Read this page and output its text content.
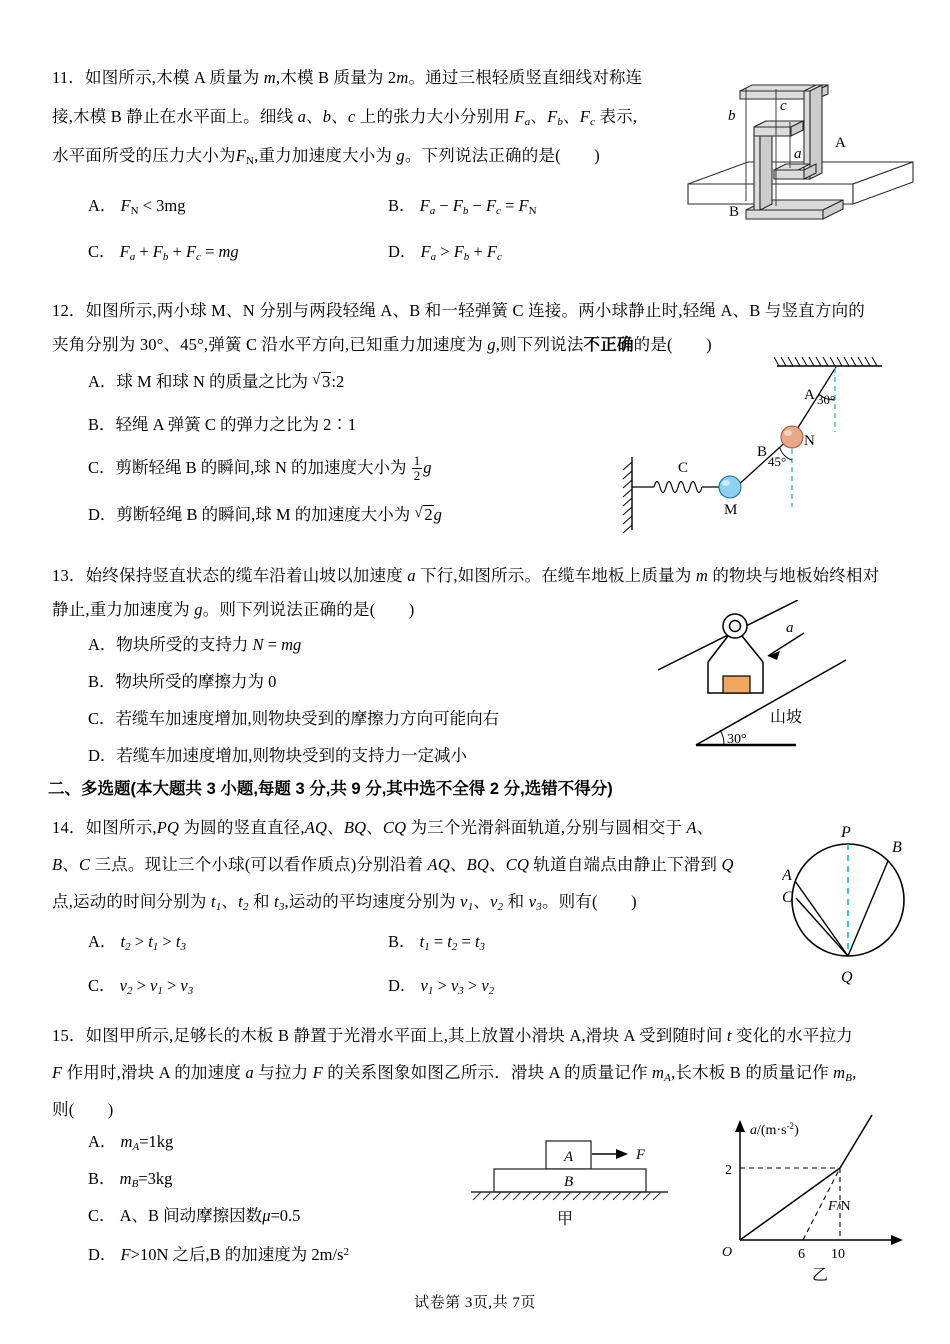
11．如图所示,木模 A 质量为 m,木模 B 质量为 2m。通过三根轻质竖直细线对称连
接,木模 B 静止在水平面上。细线 a、b、c 上的张力大小分别用 $F_a$、$F_b$、$F_c$ 表示,
水平面所受的压力大小为FN,重力加速度大小为 g。下列说法正确的是(　　)
A． FN < 3mg	B． $F_a - F_b - F_c$ = FN
C． $F_a + F_b + F_c$ = mg	D． $F_a > F_b + F_c$
b
c
a
A
B
12．如图所示,两小球 M、N 分别与两段轻绳 A、B 和一轻弹簧 C 连接。两小球静止时,轻绳 A、B 与竖直方向的
夹角分别为 30°、45°,弹簧 C 沿水平方向,已知重力加速度为 g,则下列说法不正确的是(　　)
A．球 M 和球 N 的质量之比为 √ 3:2
B．轻绳 A 弹簧 C 的弹力之比为 2∶1
C．剪断轻绳 B 的瞬间,球 N 的加速度大小为 $\frac{1}{2}$ g
D．剪断轻绳 B 的瞬间,球 M 的加速度大小为 √ 2g
C
M
N
B
A 30°
45°
13．始终保持竖直状态的缆车沿着山坡以加速度 a 下行,如图所示。在缆车地板上质量为 m 的物块与地板始终相对
静止,重力加速度为 g。则下列说法正确的是(　　)
A．物块所受的支持力 N = mg
B．物块所受的摩擦力为 0
C．若缆车加速度增加,则物块受到的摩擦力方向可能向右
D．若缆车加速度增加,则物块受到的支持力一定减小
a
山坡
30°
二、多选题(本大题共 3 小题,每题 3 分,共 9 分,其中选不全得 2 分,选错不得分)
14．如图所示,PQ 为圆的竖直直径,AQ、BQ、CQ 为三个光滑斜面轨道,分别与圆相交于 A、
B、C 三点。现让三个小球(可以看作质点)分别沿着 AQ、BQ、CQ 轨道自端点由静止下滑到 Q
点,运动的时间分别为 $t_1$、$t_2$ 和 $t_3$,运动的平均速度分别为 $v_1$、$v_2$ 和 $v_3$。则有(　　)
A． $t_2 > t_1 > t_3$	B． $t_1 = t_2 = t_3$
C． $v_2 > v_1 > v_3$	D． $v_1 > v_3 > v_2$
P
B
A
C
Q
15．如图甲所示,足够长的木板 B 静置于光滑水平面上,其上放置小滑块 A,滑块 A 受到随时间 t 变化的水平拉力
F 作用时,滑块 A 的加速度 a 与拉力 F 的关系图象如图乙所示．滑块 A 的质量记作 $m_A$,长木板 B 的质量记作 $m_B$,
则(　　)
A． $m_A=1kg$
B． $m_B=3kg$
C． A、B 间动摩擦因数μ=0.5
D． F>10N 之后,B 的加速度为 $2m/s^2$
A	F
B
甲
$a/(m\cdot s^{-2})$
F/N
2
O	6 10
乙
试卷第 3页,共 7页
